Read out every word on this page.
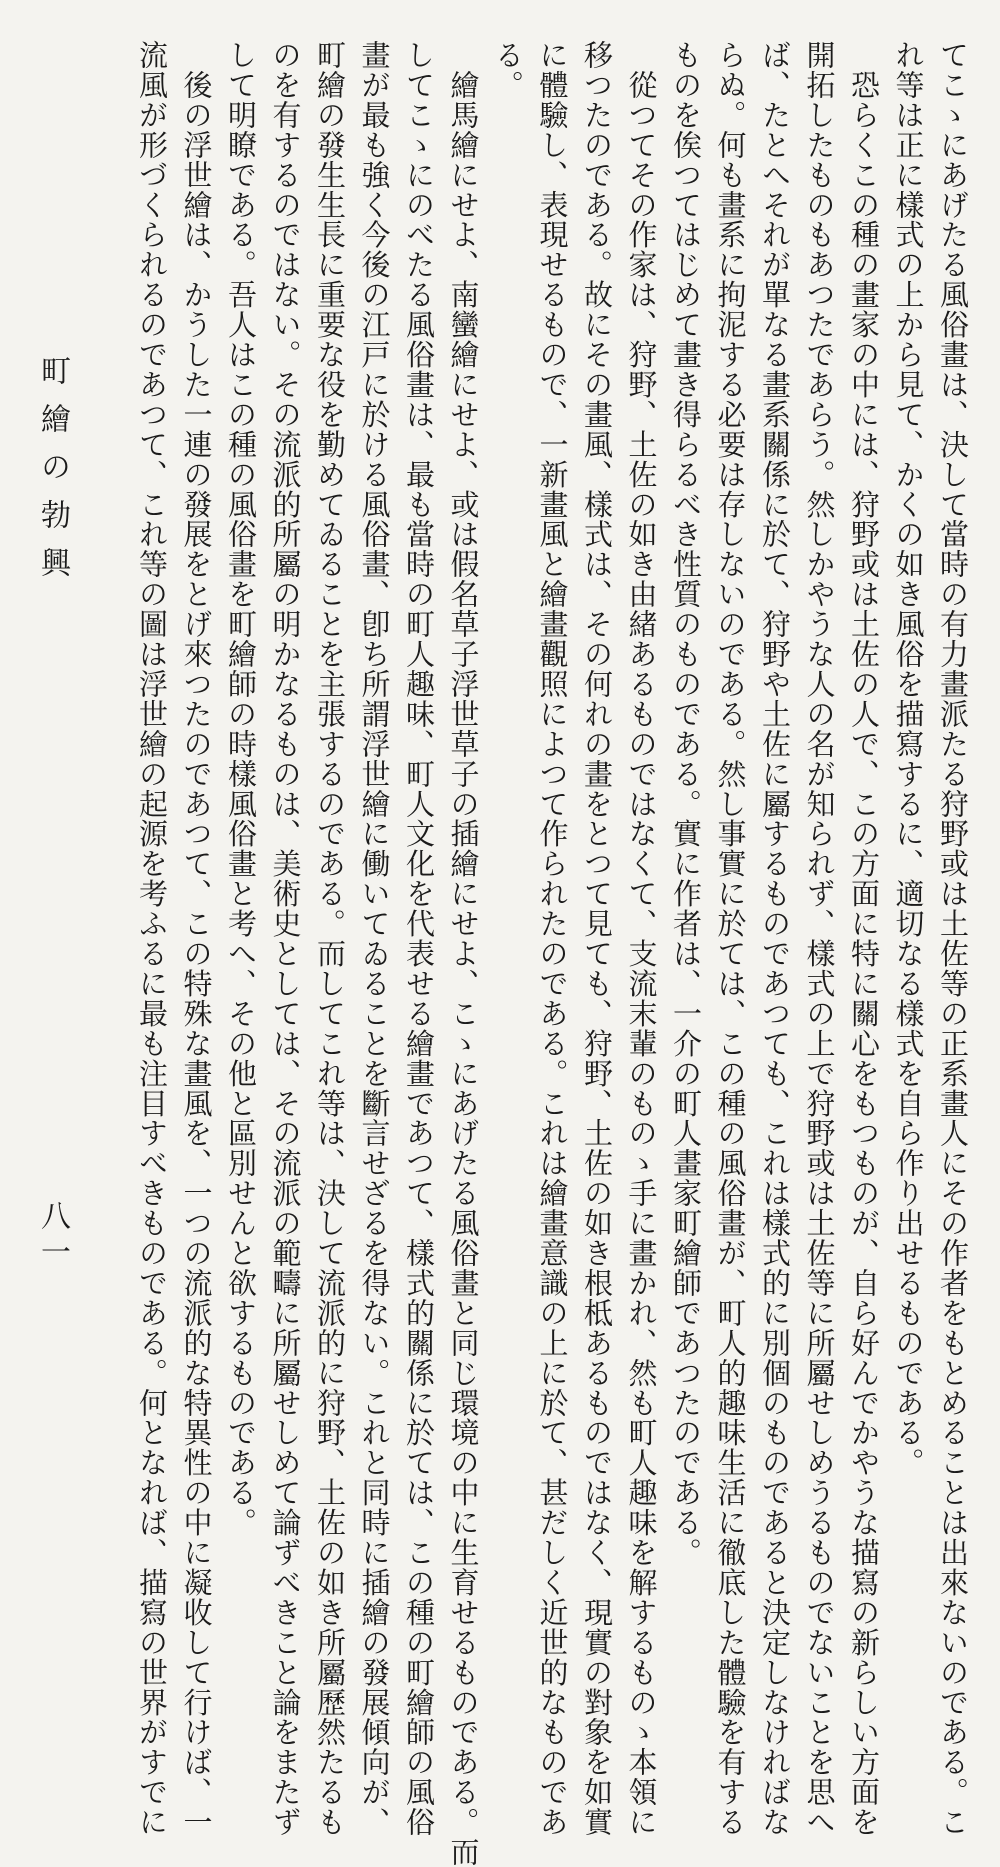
てこゝにあげたる風俗畫は、決して當時の有力畫派たる狩野或は土佐等の正系畫人にその作者をもとめることは出來ないのである。こ
れ等は正に樣式の上から見て、かくの如き風俗を描寫するに、適切なる樣式を自ら作り出せるものである。
　恐らくこの種の畫家の中には、狩野或は土佐の人で、この方面に特に關心をもつものが、自ら好んでかやうな描寫の新らしい方面を
開拓したものもあつたであらう。然しかやうな人の名が知られず、樣式の上で狩野或は土佐等に所屬せしめうるものでないことを思へ
ば、たとへそれが單なる畫系關係に於て、狩野や土佐に屬するものであつても、これは樣式的に別個のものであると決定しなければな
らぬ。何も畫系に拘泥する必要は存しないのである。然し事實に於ては、この種の風俗畫が、町人的趣味生活に徹底した體驗を有する
ものを俟つてはじめて畫き得らるべき性質のものである。實に作者は、一介の町人畫家町繪師であつたのである。
　從つてその作家は、狩野、土佐の如き由緒あるものではなくて、支流末輩のものゝ手に畫かれ、然も町人趣味を解するものゝ本領に
移つたのである。故にその畫風、樣式は、その何れの畫をとつて見ても、狩野、土佐の如き根柢あるものではなく、現實の對象を如實
に體驗し、表現せるもので、一新畫風と繪畫觀照によつて作られたのである。これは繪畫意識の上に於て、甚だしく近世的なものであ
る。
　繪馬繪にせよ、南蠻繪にせよ、或は假名草子浮世草子の插繪にせよ、こゝにあげたる風俗畫と同じ環境の中に生育せるものである。而
してこゝにのべたる風俗畫は、最も當時の町人趣味、町人文化を代表せる繪畫であつて、樣式的關係に於ては、この種の町繪師の風俗
畫が最も強く今後の江戸に於ける風俗畫、卽ち所謂浮世繪に働いてゐることを斷言せざるを得ない。これと同時に插繪の發展傾向が、
町繪の發生生長に重要な役を勤めてゐることを主張するのである。而してこれ等は、決して流派的に狩野、土佐の如き所屬歷然たるも
のを有するのではない。その流派的所屬の明かなるものは、美術史としては、その流派の範疇に所屬せしめて論ずべきこと論をまたず
して明瞭である。吾人はこの種の風俗畫を町繪師の時樣風俗畫と考へ、その他と區別せんと欲するものである。
　後の浮世繪は、かうした一連の發展をとげ來つたのであつて、この特殊な畫風を、一つの流派的な特異性の中に凝收して行けば、一
流風が形づくられるのであつて、これ等の圖は浮世繪の起源を考ふるに最も注目すべきものである。何となれば、描寫の世界がすでに
町繪の勃興
八一
